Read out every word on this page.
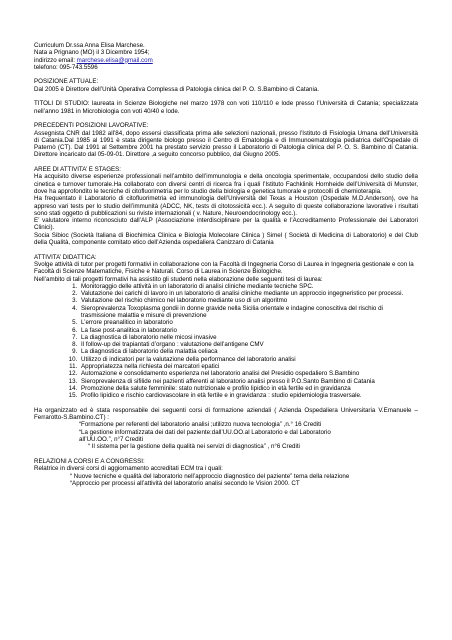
Curriculum Dr.ssa Anna Elisa Marchese.

Nata a Prignano (MO) il 3 Dicembre 1954;

indirizzo email: marchese.elisa@gmail.com

telefono: 095-743.5596

POSIZIONE ATTUALE:

Dal 2005 è Direttore dell’Unità Operativa Complessa di Patologia clinica del P. O. S.Bambino di Catania.

TITOLI DI STUDIO: laureata in Scienze Biologiche nel marzo 1978 con voti 110/110 e lode presso l’Università di Catania; specializzata nell’anno 1981 in Microbiologia con voti 40/40 e lode.

PRECEDENTI POSIZIONI LAVORATIVE:

Assegnista CNR dal 1982 all’84, dopo essersi classificata prima alle selezioni nazionali, presso l’Istituto di Fisiologia Umana dell’Università di Catania.Dal 1985 al 1991 è stata dirigente biologo presso il Centro di Ematologia e di Immunoematologia pediatrica dell’Ospedale di Paternò (CT). Dal 1991 al Settembre 2001 ha prestato servizio presso il Laboratorio di Patologia clinica del P. O. S. Bambino di Catania. Direttore incaricato dal 05-09-01. Direttore ,a seguito concorso pubblico, dal Giugno 2005.

AREE DI ATTIVITA’ E STAGES:

Ha acquisito diverse esperienze professionali nell’ambito dell’immunologia e della oncologia sperimentale, occupandosi dello studio della cinetica e turnover tumorale.Ha collaborato con diversi centri di ricerca fra i quali l’Istituto Fachklinik Hornheide dell’Università di Munster, dove ha approfondito le tecniche di citofluorimetria per lo studio della biologia e genetica tumorale e protocolli di chemioterapia.

Ha frequentato il Laboratorio di citofluorimetria ed immunologia dell’Università del Texas a Houston (Ospedale M.D.Anderson), ove ha appreso vari tests per lo studio dell’immunità (ADCC, NK, tests di citotossicità ecc.). A seguito di queste collaborazione lavorative i risultati sono stati oggetto di pubblicazioni su riviste internazionali ( v. Nature, Neuroendocrinology ecc.).

E’ valutatore interno riconosciuto dall’ALP (Associazione interdisciplinare per la qualità e l’Accreditamento Professionale dei Laboratori Clinici).

Socia Sibioc (Società Italiana di Biochimica Clinica e Biologia Molecolare Clinica ) Simel ( Società di Medicina di Laboratorio) e del Club della Qualità, componente comitato etico dell’Azienda ospedaliera Canizzaro di Catania

ATTIVITA’ DIDATTICA:

Svolge attività di tutor per progetti formativi in collaborazione con la Facoltà di Ingegneria Corso di Laurea in Ingegneria gestionale e con la Facoltà di Scienze Matematiche, Fisiche e Naturali. Corso di Laurea in Scienze Biologiche.

Nell’ambito di tali progetti formativi ha assistito gli studenti nella elaborazione delle seguenti tesi di laurea:

1. Monitoraggio delle attività in un laboratorio di analisi cliniche mediante tecniche SPC.
2. Valutazione dei carichi di lavoro in un laboratorio di analisi cliniche mediante un approccio ingegneristico per processi.
3. Valutazione del rischio chimico nel laboratorio mediante uso di un algoritmo
4. Sieroprevalenza Toxoplasma gondii in donne gravide nella Sicilia orientale e indagine conoscitiva del rischio di trasmissione malattia e misure di prevenzione
5. L’errore preanalitico in laboratorio
6. La fase post-analitica in laboratorio
7. La diagnostica di laboratorio nelle micosi invasive
8. Il follow-up dei trapiantati d’organo : valutazione dell’antigene CMV
9. La diagnostica di laboratorio della malattia celiaca
10. Utilizzo di indicatori per la valutazione della performance del laboratorio analisi
11. Appropriatezza nella richiesta dei marcatori epatici
12. Automazione e consolidamento esperienza nel laboratorio analisi del Presidio ospedaliero S.Bambino
13. Sieroprevalenza di sifilide nei pazienti afferenti al laboratorio analisi presso il P.O.Santo Bambino di Catania
14. Promozione della salute femminile: stato nutrizionale e profilo lipidico in età fertile ed in gravidanza
15. Profilo lipidico e rischio cardiovascolare in età fertile e in gravidanza : studio epidemiologia trasversale.

Ha organizzato ed è stata responsabile dei seguenti corsi di formazione aziendali ( Azienda Ospedaliera Universitaria V.Emanuele –Ferrarotto-S.Bambino.CT) :

“Formazione per referenti del laboratorio analisi ;utilizzo nuova tecnologia” ,n.° 16 Crediti

“La gestione informatizzata dei dati del paziente:dall’UU.OO.al Laboratorio e dal Laboratorio

all’UU.OO.”, n°7 Crediti

“ Il sistema per la gestione della qualità nei servizi di diagnostica” , n°6 Crediti

RELAZIONI A CORSI E A CONGRESSI:

Relatrice in diversi corsi di aggiornamento accreditati ECM tra i quali:

“ Nuove tecniche e qualità del laboratorio nell’approccio diagnostico del paziente” tema della relazione

“Approccio per processi all’attività del laboratorio analisi secondo le Vision 2000. CT
